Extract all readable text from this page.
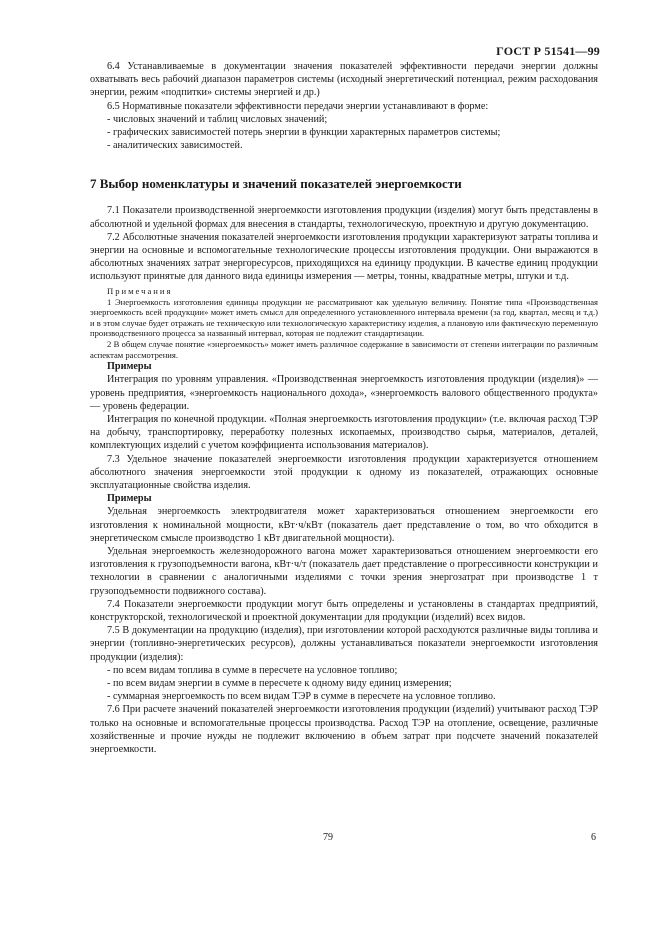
ГОСТ Р 51541—99

6.4 Устанавливаемые в документации значения показателей эффективности передачи энергии должны охватывать весь рабочий диапазон параметров системы (исходный энергетический потенциал, режим расходования энергии, режим «подпитки» системы энергией и др.)

6.5 Нормативные показатели эффективности передачи энергии устанавливают в форме:

- числовых значений и таблиц числовых значений;

- графических зависимостей потерь энергии в функции характерных параметров системы;

- аналитических зависимостей.

7 Выбор номенклатуры и значений показателей энергоемкости

7.1 Показатели производственной энергоемкости изготовления продукции (изделия) могут быть представлены в абсолютной и удельной формах для внесения в стандарты, технологическую, проектную и другую документацию.

7.2 Абсолютные значения показателей энергоемкости изготовления продукции характеризуют затраты топлива и энергии на основные и вспомогательные технологические процессы изготовления продукции. Они выражаются в абсолютных значениях затрат энергоресурсов, приходящихся на единицу продукции. В качестве единиц продукции используют принятые для данного вида единицы измерения — метры, тонны, квадратные метры, штуки и т.д.

Примечания

1 Энергоемкость изготовления единицы продукции не рассматривают как удельную величину. Понятие типа «Производственная энергоемкость всей продукции» может иметь смысл для определенного установленного интервала времени (за год, квартал, месяц и т.д.) и в этом случае будет отражать не техническую или технологическую характеристику изделия, а плановую или фактическую переменную производственного процесса за названный интервал, которая не подлежит стандартизации.

2 В общем случае понятие «энергоемкость» может иметь различное содержание в зависимости от степени интеграции по различным аспектам рассмотрения.

Примеры

Интеграция по уровням управления. «Производственная энергоемкость изготовления продукции (изделия)» — уровень предприятия, «энергоемкость национального дохода», «энергоемкость валового общественного продукта» — уровень федерации.

Интеграция по конечной продукции. «Полная энергоемкость изготовления продукции» (т.е. включая расход ТЭР на добычу, транспортировку, переработку полезных ископаемых, производство сырья, материалов, деталей, комплектующих изделий с учетом коэффициента использования материалов).

7.3 Удельное значение показателей энергоемкости изготовления продукции характеризуется отношением абсолютного значения энергоемкости этой продукции к одному из показателей, отражающих основные эксплуатационные свойства изделия.

Примеры

Удельная энергоемкость электродвигателя может характеризоваться отношением энергоемкости его изготовления к номинальной мощности, кВт·ч/кВт (показатель дает представление о том, во что обходится в энергетическом смысле производство 1 кВт двигательной мощности).

Удельная энергоемкость железнодорожного вагона может характеризоваться отношением энергоемкости его изготовления к грузоподъемности вагона, кВт·ч/т (показатель дает представление о прогрессивности конструкции и технологии в сравнении с аналогичными изделиями с точки зрения энергозатрат при производстве 1 т грузоподъемности подвижного состава).

7.4 Показатели энергоемкости продукции могут быть определены и установлены в стандартах предприятий, конструкторской, технологической и проектной документации для продукции (изделий) всех видов.

7.5 В документации на продукцию (изделия), при изготовлении которой расходуются различные виды топлива и энергии (топливно-энергетических ресурсов), должны устанавливаться показатели энергоемкости изготовления продукции (изделия):

- по всем видам топлива в сумме в пересчете на условное топливо;

- по всем видам энергии в сумме в пересчете к одному виду единиц измерения;

- суммарная энергоемкость по всем видам ТЭР в сумме в пересчете на условное топливо.

7.6 При расчете значений показателей энергоемкости изготовления продукции (изделий) учитывают расход ТЭР только на основные и вспомогательные процессы производства. Расход ТЭР на отопление, освещение, различные хозяйственные и прочие нужды не подлежит включению в объем затрат при подсчете значений показателей энергоемкости.

79	6
